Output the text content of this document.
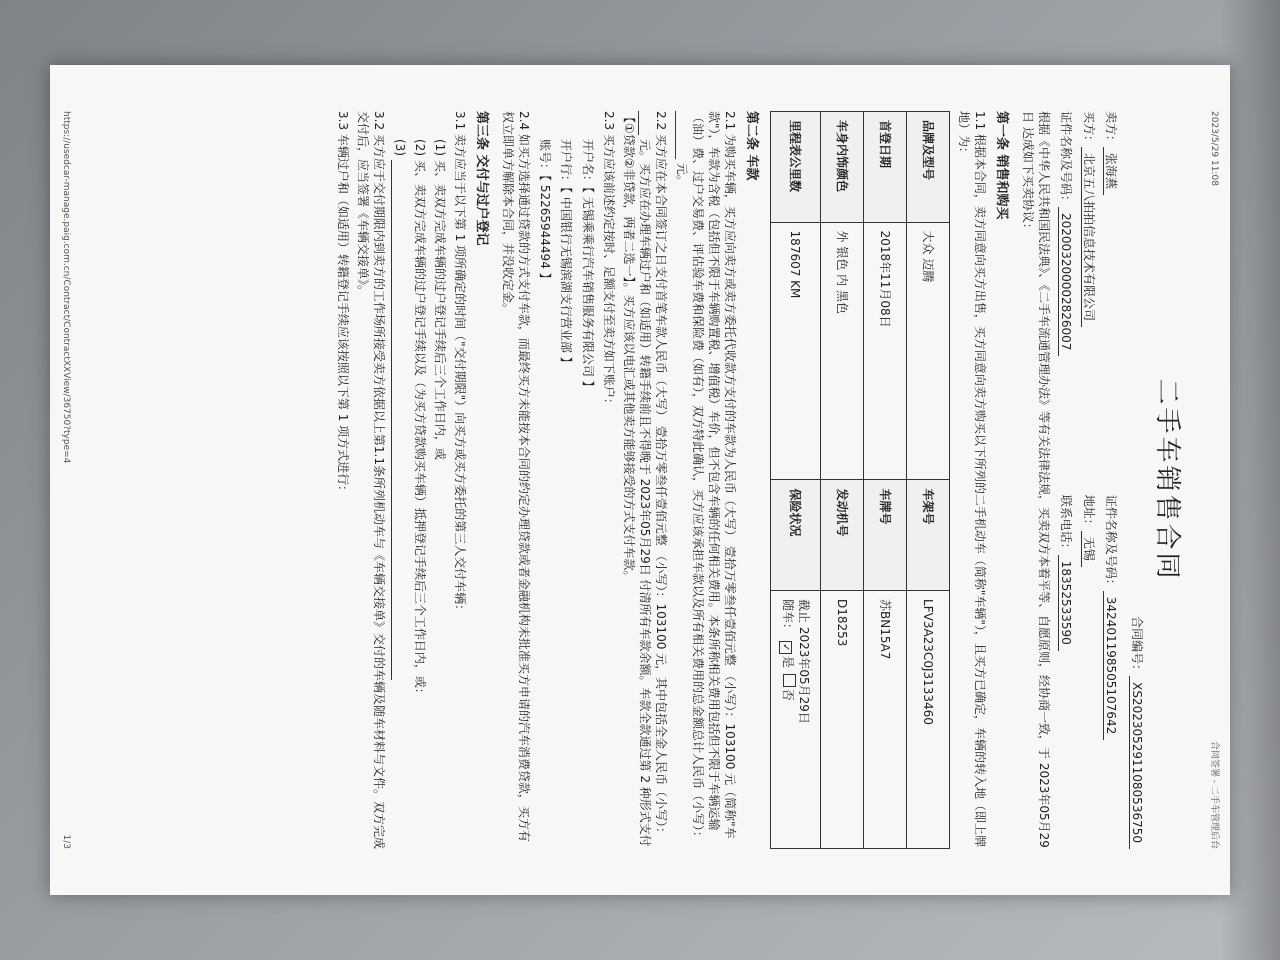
2023/5/29 11:08
合同签署 - 二手车管理后台
二手车销售合同
合同编号：XS202305291108053675​0
卖方：张海燕
证件名称及号码：342401198505107642
买方：北京五八拍拍信息技术有限公司
地址：无锡
证件名称及号码：20200320000282600​7
联系电话：18352533590

根据《中华人民共和国民法典》、《二手车流通管理办法》等有关法律法规，买卖双方本着平等、自愿原则，经协商一致，于 2023年05月29日 达成如下买卖协议：

第一条 销售和购买

1.1 根据本合同，卖方同意向买方出售，买方同意向卖方购买以下所列的二手机动车（简称"车辆"），且买方已确定，车辆的转入地（即上牌地）为：

品牌及型号	大众 迈腾	车架号	LFV3A23C0J3133460
首登日期	2018年11月08日	车牌号	苏BN15A7
车身内饰颜色	外 银色 内 黑色	发动机号	D18253
里程表公里数	187607 KM	保险状况	截止 2023年05月29日
随车： ✓是 否
第二条 车款

2.1 为购买车辆，买方应向卖方或卖方委托代收款方支付的车款为人民币（大写） 壹拾万零叁仟壹佰元整 （小写）：103100 元（简称"车款"），车款为含税（包括但不限于车辆购置税、增值税）车价，但不包含车辆的任何相关费用。本条所称相关费用包括但不限于车辆运输（油）费、过户交易费、评估验车费和保险费（如有），双方特此确认，买方应该承担车款以及所有相关费用的总金额总计人民币（小写）：________ 元。

2.2 买方应在本合同签订之日支付首笔车款人民币（大写） 壹拾万零叁仟壹佰元整 （小写）：103100 元，其中包括全金人民币（小写）： ____ 元。买方应在办理车辆过户和（如适用）转籍手续前且不得晚于 2023年05月29日 付清所有车款余额。车款全款通过第 2 种形式支付【①贷款②非贷款，两者二选一】。买方应该以电汇或其他卖方能够接受的方式支付车款。

2.3 买方应该前述约定按时、足额支付至卖方如下账户：

开户名：【 无锡乘乘行汽车销售服务有限公司 】
开户行：【 中国银行无锡滨湖支行营业部 】
账号：【 52265944494 】

2.4 如买方选择通过贷款的方式支付车款，而最终买方未能按本合同的约定办理贷款或者金融机构未批准买方申请的汽车消费贷款，买方有权立即单方解除本合同，并没收定金。

第三条 交付与过户登记

3.1 卖方应当于以下第 1 项所确定的时间（"交付期限"）向买方或买方委托的第三人交付车辆：

(1) 买、卖双方完成车辆的过户登记手续后三个工作日内，或

(2) 买、卖双方完成车辆的过户登记手续以及（为买方贷款购买车辆）抵押登记手续后三个工作日内，或：

(3)

3.2 买方应于交付期限内到卖方的工作场所接受卖方依据以上第1.1条所列机动车与《车辆交接单》交付的车辆及随车材料与文件。双方完成交付后，应当签署《车辆交接单》。

3.3 车辆过户和（如适用）转籍登记手续应该按照以下第 1 项方式进行：

https://usedcar-manage.paig.com.cn/Contract/ContractXXView/36750?type=4
1/3
